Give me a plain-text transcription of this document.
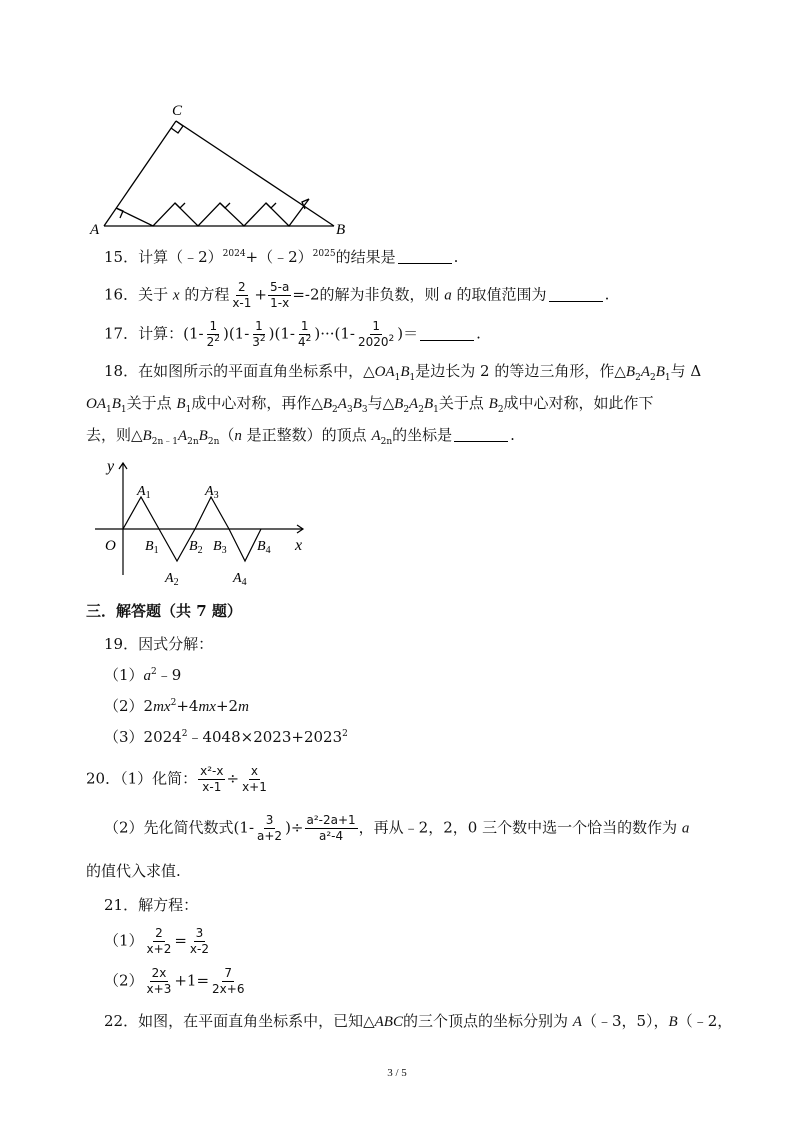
C
A	B
15．计算（﹣2）$^{2024}$+（﹣2）$^{2025}$的结果是	.
16．关于 x 的方程 $\frac{2}{x-1} + \frac{5-a}{1-x} =-2$的解为非负数，则 a 的取值范围为	.
17．计算：$(1- \frac{1}{2^2} )(1- \frac{1}{3^2} )(1- \frac{1}{4^2} )\cdot\cdot\cdot(1- \frac{1}{2020^2}$ )＝	.
18．在如图所示的平面直角坐标系中，$\triangle OA_1B_1$是边长为 2 的等边三角形，作$\triangle B_2A_2B_1$与 Δ
$OA_1B_1$关于点 $B_1$成中心对称，再作$\triangle B_2A_3B_3$与$\triangle B_2A_2B_1$关于点 $B_2$成中心对称，如此作下
去，则$\triangle B_{2n﹣1}A_{2n}B_{2n}(n$ 是正整数）的顶点 $A_{2n}$的坐标是	.
y
x
O
$A_1$	$A_3$
$B_1$ $B_2$ $B_3$ $B_4$
$A_2$	$A_4$
三．解答题（共 7 题）
19．因式分解：
$(1)a^2﹣9$
$(2)2mx^2+4mx+2m$
$(3)2024^2﹣4048\times 2023+2023^2$
20．（1）化简： $\frac{\text{x²-x}}{x-1} \div \frac{x}{x+1}$
（2）先化简代数式($1- \frac{3}{a+2}$ )÷ $\frac{\text{a²-2a+1}}{\text{a²-4}}$ ，再从﹣2，2，0 三个数中选一个恰当的数作为 a
的值代入求值.
21．解方程：
$(1) \frac{2}{x+2} = \frac{3}{x-2}$
$(2) \frac{2x}{x+3} +1= \frac{7}{2x+6}$
22．如图，在平面直角坐标系中，已知△ABC的三个顶点的坐标分别为 A（﹣3，5），B（﹣2，
3 / 5
